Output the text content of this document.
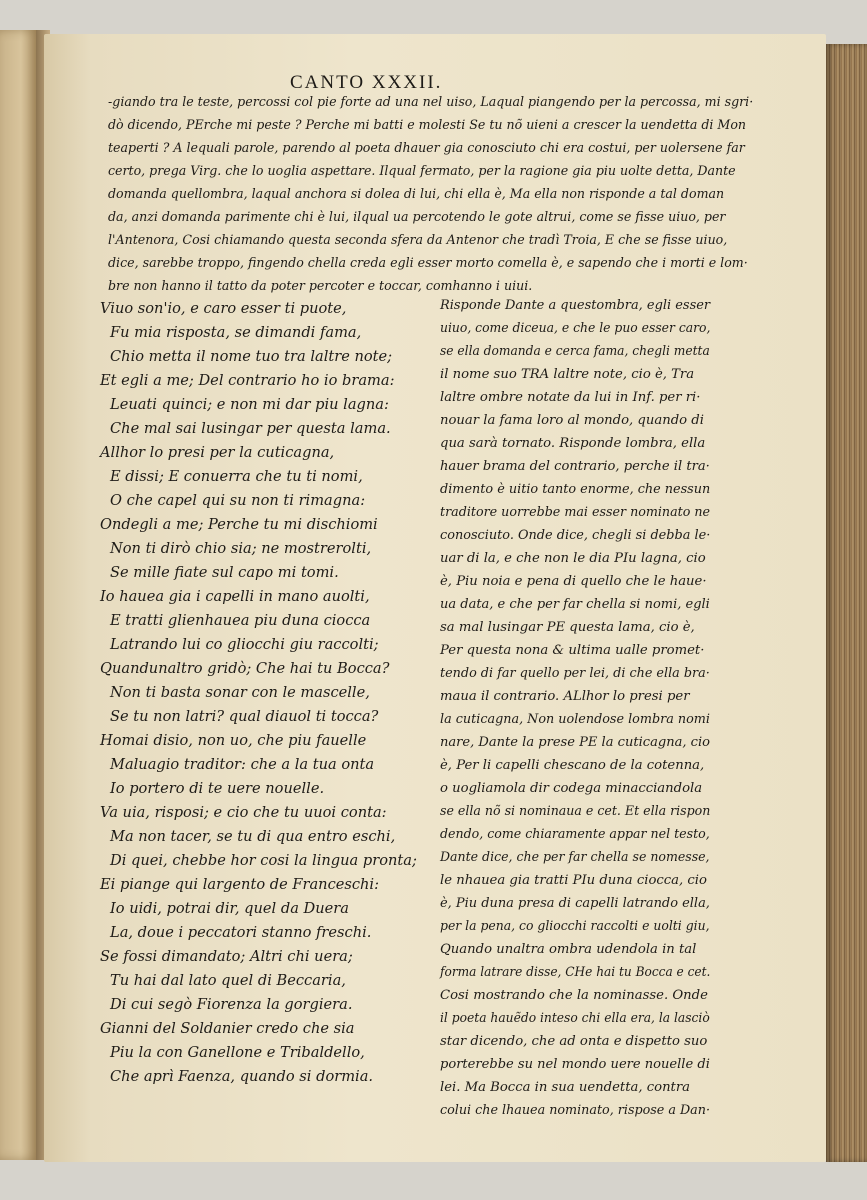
CANTO XXXII.
-giando tra le teste, percossi col pie forte ad una nel uiso, Laqual piangendo per la percossa, mi sgri·
dò dicendo, PErche mi peste ? Perche mi batti e molesti Se tu nõ uieni a crescer la uendetta di Mon
teaperti ? A lequali parole, parendo al poeta dhauer gia conosciuto chi era costui, per uolersene far
certo, prega Virg. che lo uoglia aspettare. Ilqual fermato, per la ragione gia piu uolte detta, Dante
domanda quellombra, laqual anchora si dolea di lui, chi ella è, Ma ella non risponde a tal doman
da, anzi domanda parimente chi è lui, ilqual ua percotendo le gote altrui, come se fisse uiuo, per
l'Antenora, Cosi chiamando questa seconda sfera da Antenor che tradì Troia, E che se fisse uiuo,
dice, sarebbe troppo, fingendo chella creda egli esser morto comella è, e sapendo che i morti e lom·
bre non hanno il tatto da poter percoter e toccar, comhanno i uiui.
Viuo son'io, e caro esser ti puote,
Fu mia risposta, se dimandi fama,
Chio metta il nome tuo tra laltre note;
Et egli a me; Del contrario ho io brama:
Leuati quinci; e non mi dar piu lagna:
Che mal sai lusingar per questa lama.
Allhor lo presi per la cuticagna,
E dissi; E conuerra che tu ti nomi,
O che capel qui su non ti rimagna:
Ondegli a me; Perche tu mi dischiomi
Non ti dirò chio sia; ne mostrerolti,
Se mille fiate sul capo mi tomi.
Io hauea gia i capelli in mano auolti,
E tratti glienhauea piu duna ciocca
Latrando lui co gliocchi giu raccolti;
Quandunaltro gridò; Che hai tu Bocca?
Non ti basta sonar con le mascelle,
Se tu non latri? qual diauol ti tocca?
Homai disio, non uo, che piu fauelle
Maluagio traditor: che a la tua onta
Io portero di te uere nouelle.
Va uia, risposi; e cio che tu uuoi conta:
Ma non tacer, se tu di qua entro eschi,
Di quei, chebbe hor cosi la lingua pronta;
Ei piange qui largento de Franceschi:
Io uidi, potrai dir, quel da Duera
La, doue i peccatori stanno freschi.
Se fossi dimandato; Altri chi uera;
Tu hai dal lato quel di Beccaria,
Di cui segò Fiorenza la gorgiera.
Gianni del Soldanier credo che sia
Piu la con Ganellone e Tribaldello,
Che aprì Faenza, quando si dormia.
Risponde Dante a questombra, egli esser
uiuo, come diceua, e che le puo esser caro,
se ella domanda e cerca fama, chegli metta
il nome suo TRA laltre note, cio è, Tra
laltre ombre notate da lui in Inf. per ri·
nouar la fama loro al mondo, quando di
qua sarà tornato. Risponde lombra, ella
hauer brama del contrario, perche il tra·
dimento è uitio tanto enorme, che nessun
traditore uorrebbe mai esser nominato ne
conosciuto. Onde dice, chegli si debba le·
uar di la, e che non le dia PIu lagna, cio
è, Piu noia e pena di quello che le haue·
ua data, e che per far chella si nomi, egli
sa mal lusingar PE questa lama, cio è,
Per questa nona & ultima ualle promet·
tendo di far quello per lei, di che ella bra·
maua il contrario. ALlhor lo presi per
la cuticagna, Non uolendose lombra nomi
nare, Dante la prese PE la cuticagna, cio
è, Per li capelli chescano de la cotenna,
o uogliamola dir codega minacciandola
se ella nõ si nominaua e cet. Et ella rispon
dendo, come chiaramente appar nel testo,
Dante dice, che per far chella se nomesse,
le nhauea gia tratti PIu duna ciocca, cio
è, Piu duna presa di capelli latrando ella,
per la pena, co gliocchi raccolti e uolti giu,
Quando unaltra ombra udendola in tal
forma latrare disse, CHe hai tu Bocca e cet.
Cosi mostrando che la nominasse. Onde
il poeta hauẽdo inteso chi ella era, la lasciò
star dicendo, che ad onta e dispetto suo
porterebbe su nel mondo uere nouelle di
lei. Ma Bocca in sua uendetta, contra
colui che lhauea nominato, rispose a Dan·
